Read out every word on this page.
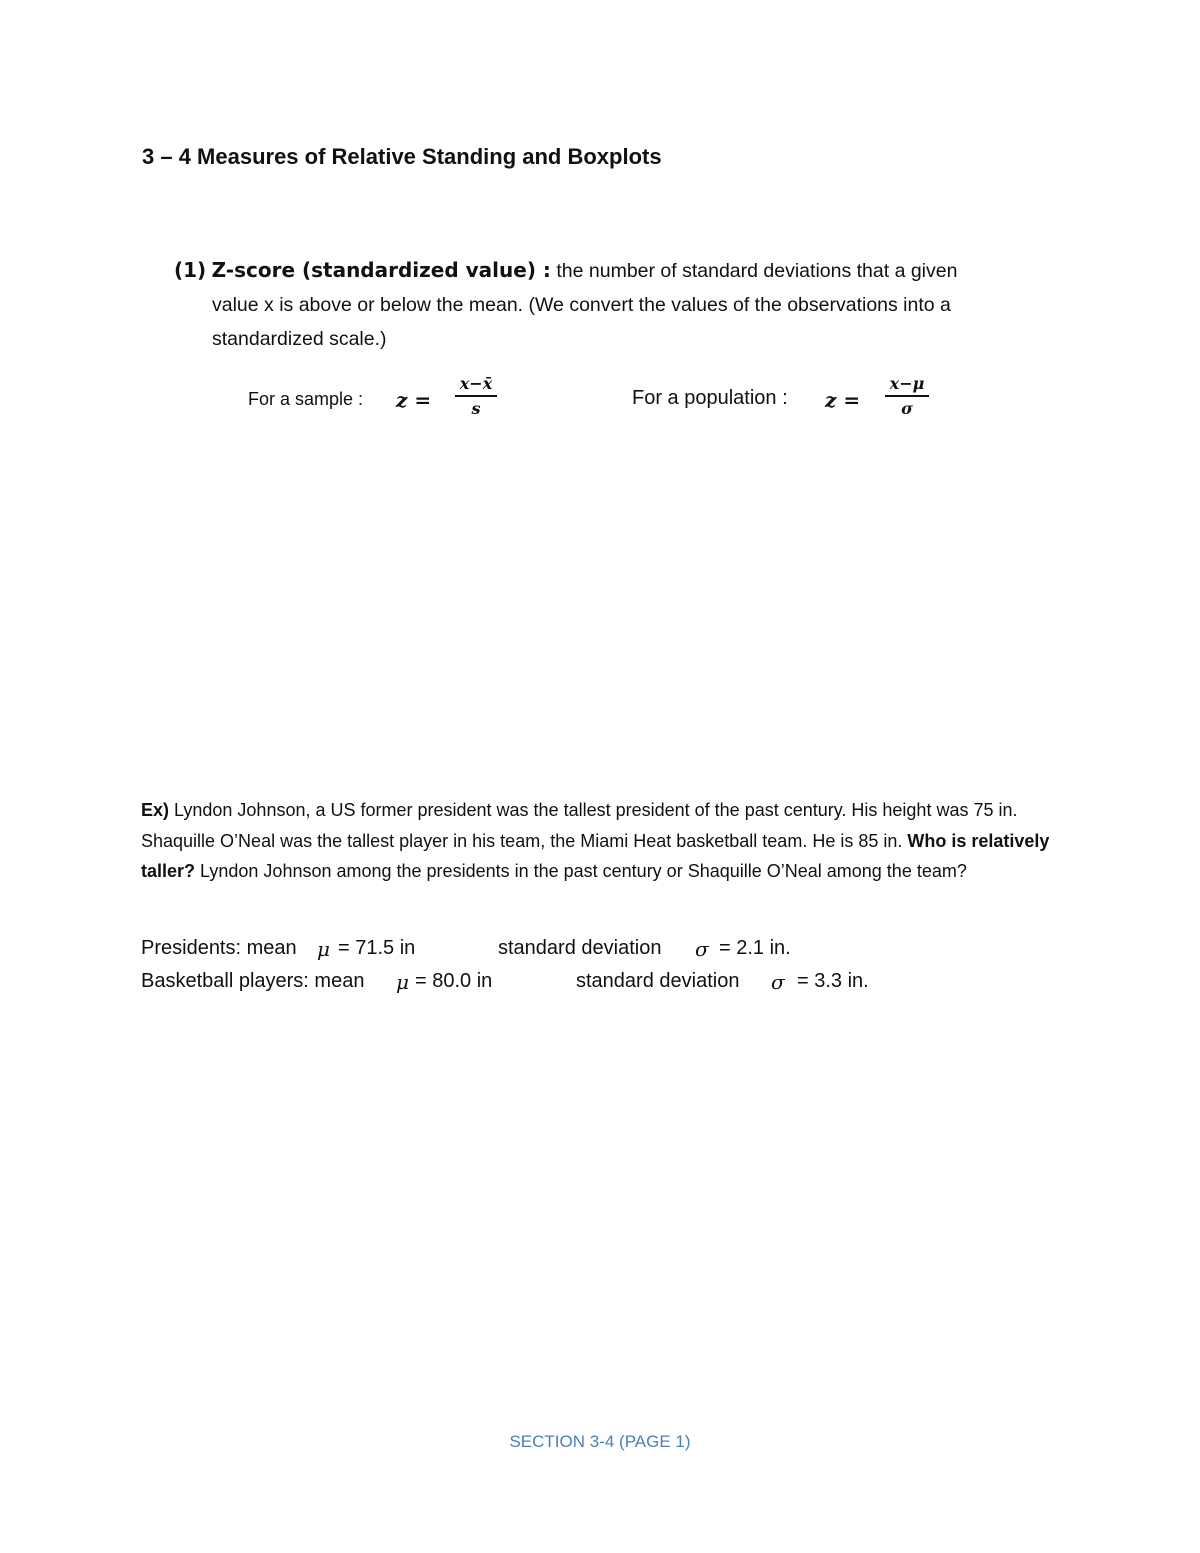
3 – 4 Measures of Relative Standing and Boxplots
(1) Z-score (standardized value) : the number of standard deviations that a given
value x is above or below the mean. (We convert the values of the observations into a
standardized scale.)
For a sample : z =
x−x̄
s	For a population : z =
x−μ
σ
Ex) Lyndon Johnson, a US former president was the tallest president of the past century. His height was 75 in. Shaquille O’Neal was the tallest player in his team, the Miami Heat basketball team. He is 85 in. Who is relatively taller? Lyndon Johnson among the presidents in the past century or Shaquille O’Neal among the team?
Presidents: mean μ = 71.5 in	standard deviation σ = 2.1 in.
Basketball players: mean μ = 80.0 in	standard deviation σ = 3.3 in.
SECTION 3-4 (PAGE 1)
